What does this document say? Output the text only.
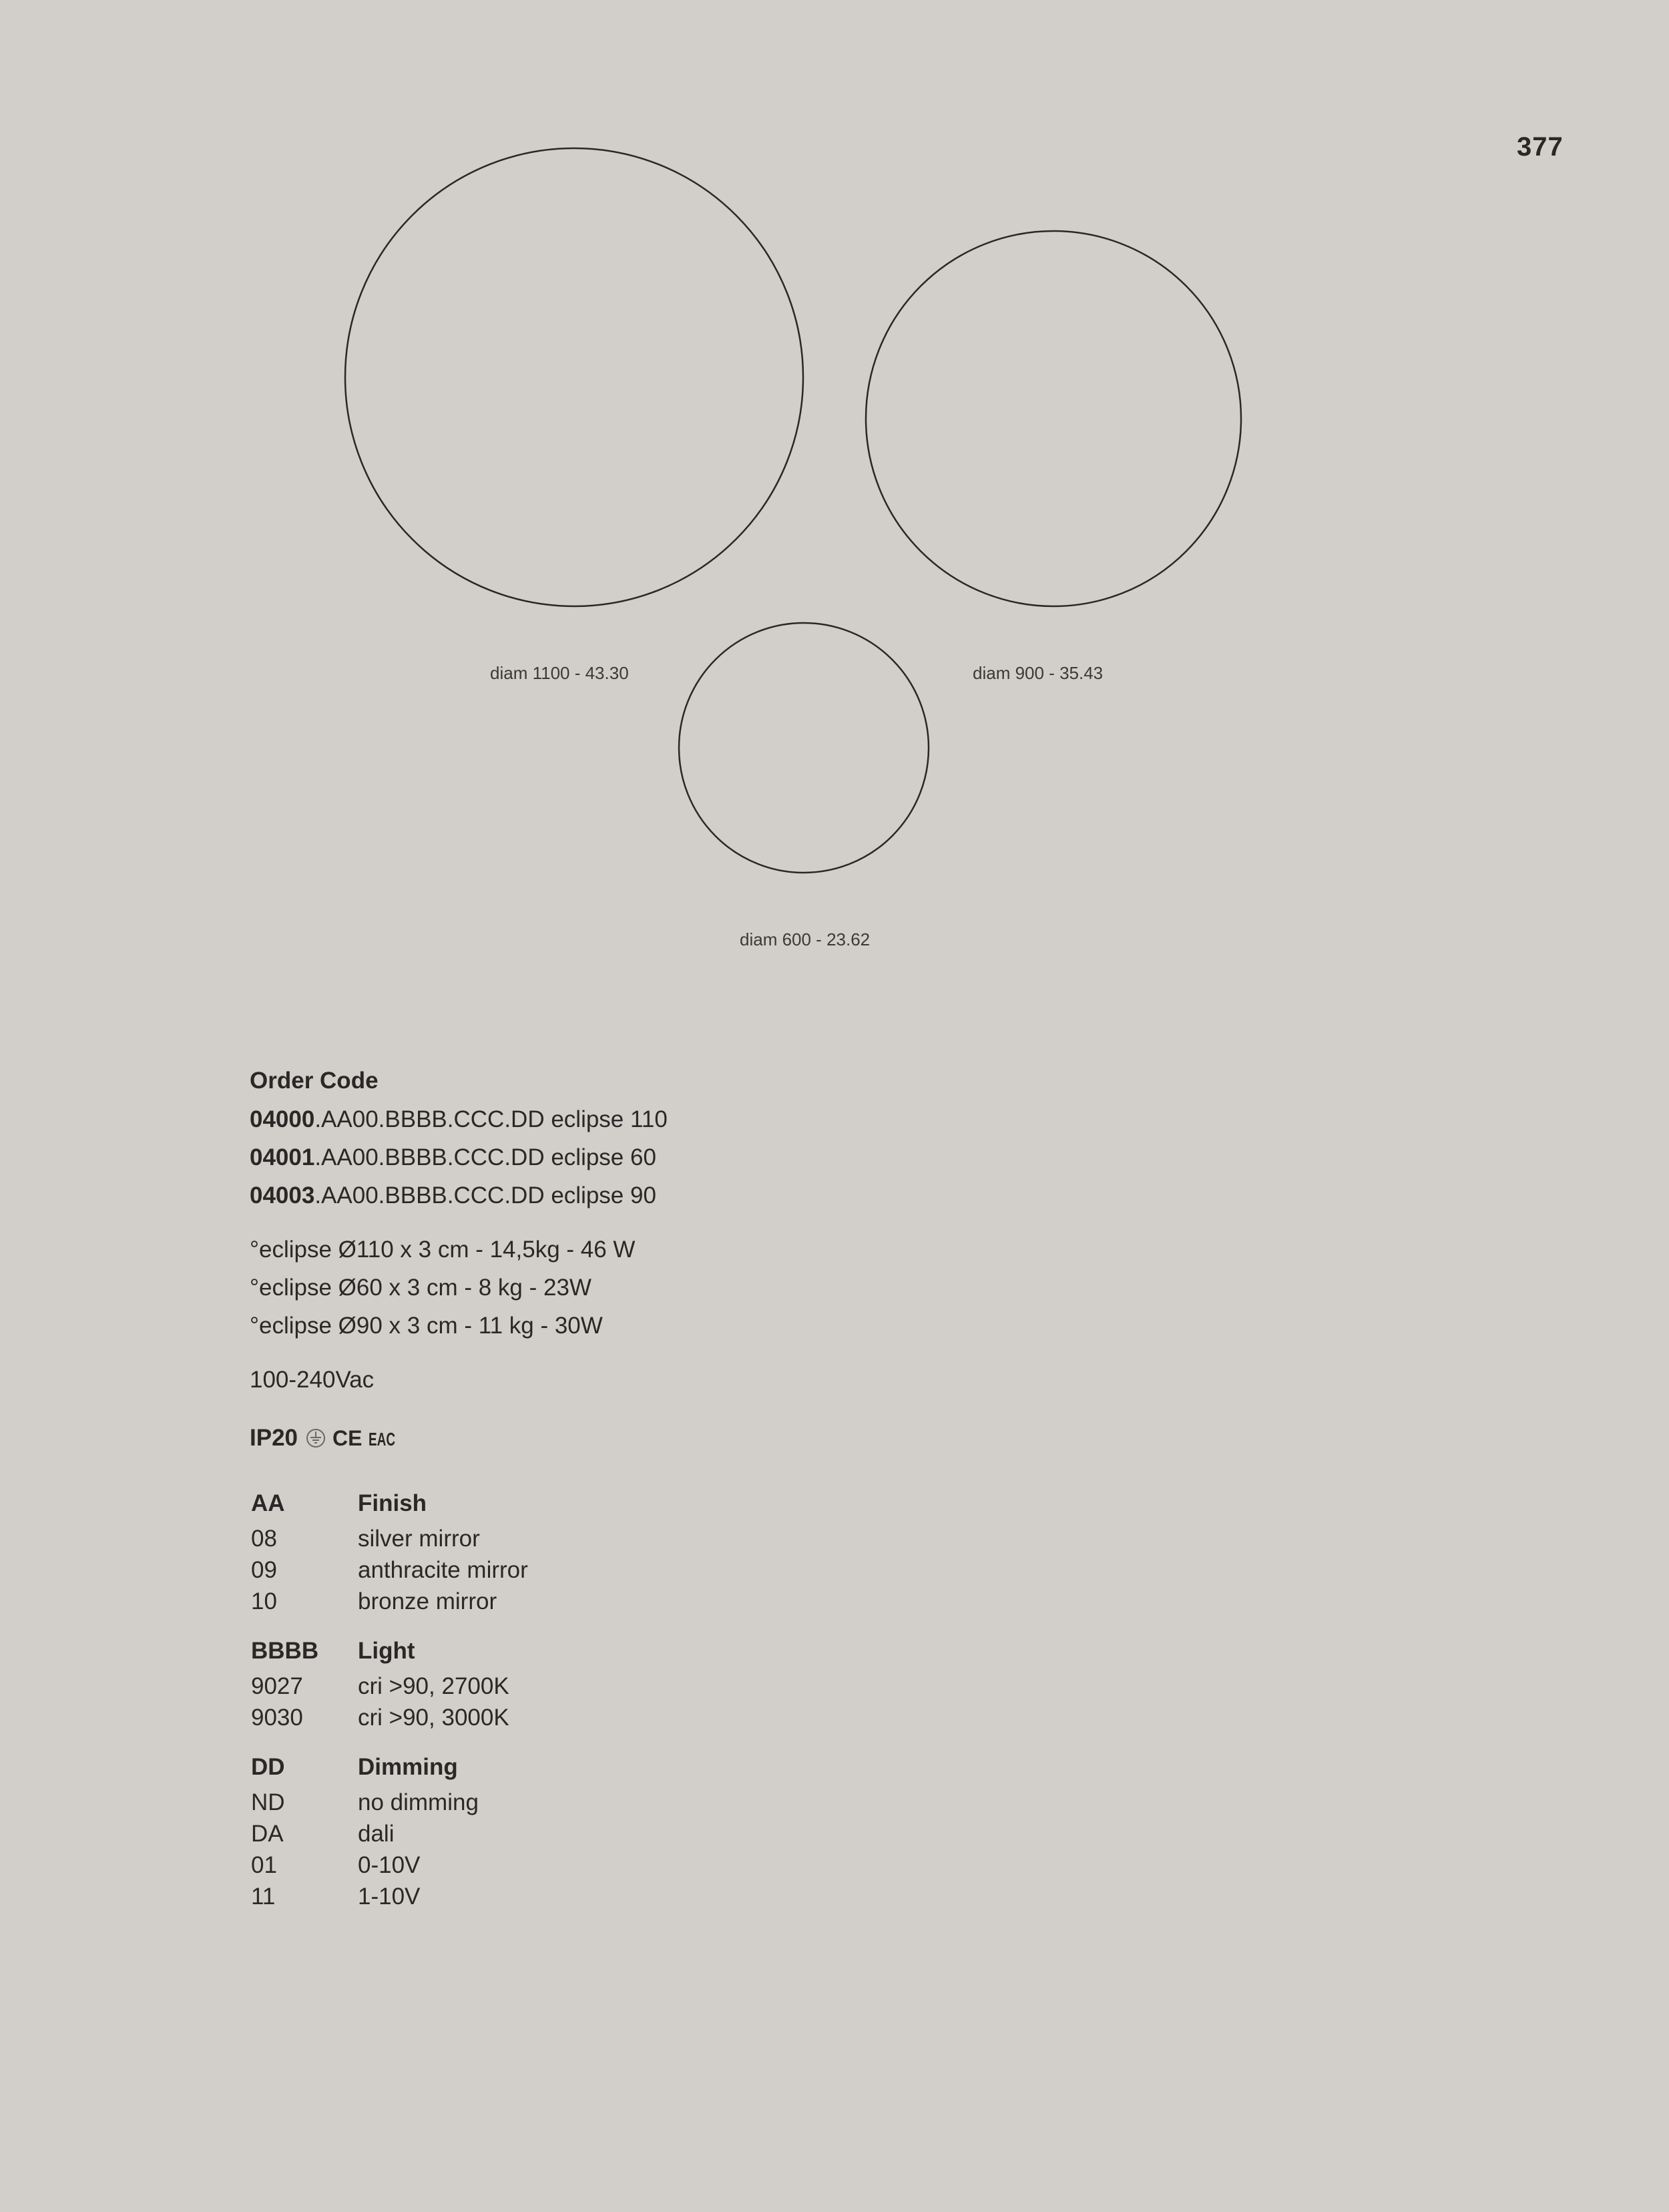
377
diam 1100 - 43.30	diam 900 - 35.43
diam 600 - 23.62
Order Code
04000.AA00.BBBB.CCC.DD eclipse 110
04001.AA00.BBBB.CCC.DD eclipse 60
04003.AA00.BBBB.CCC.DD eclipse 90
°eclipse Ø110 x 3 cm - 14,5kg - 46 W
°eclipse Ø60 x 3 cm - 8 kg - 23W
°eclipse Ø90 x 3 cm - 11 kg - 30W
100-240Vac
IP20 CE EAC
AA	Finish
08	silver mirror
09	anthracite mirror
10	bronze mirror
BBBB	Light
9027	cri >90, 2700K
9030	cri >90, 3000K
DD	Dimming
ND	no dimming
DA	dali
01	0-10V
11	1-10V
